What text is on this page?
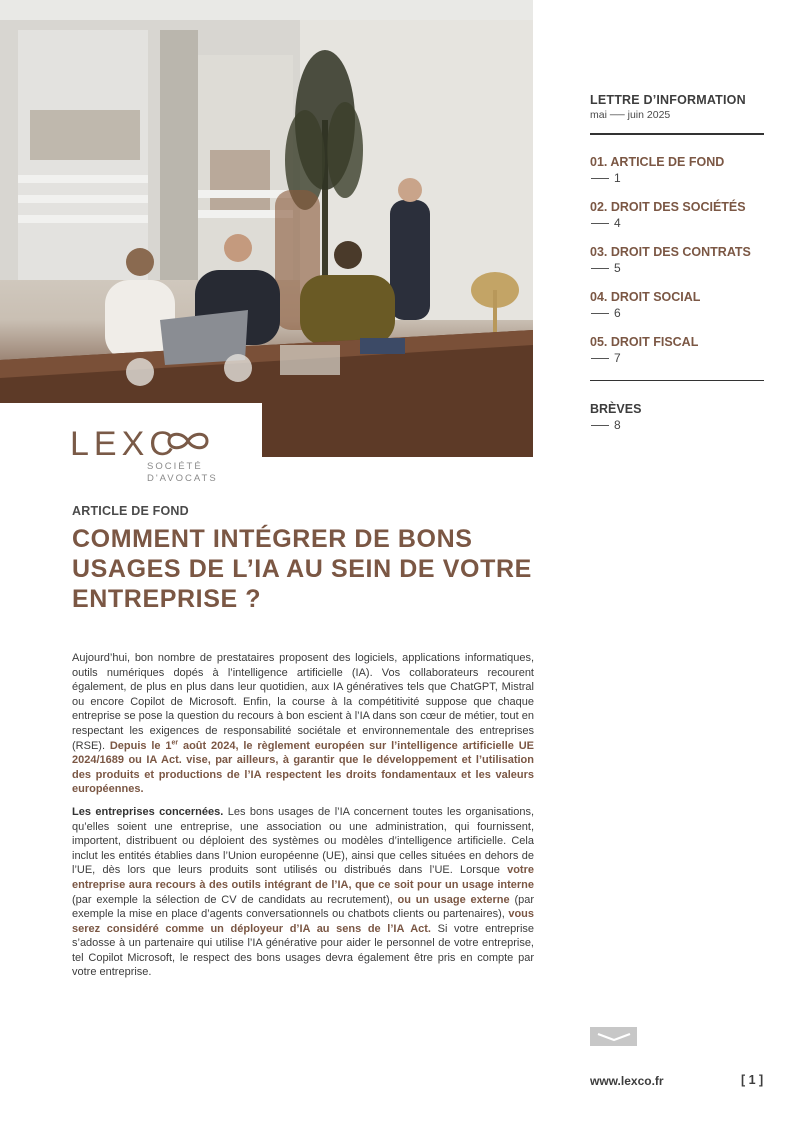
LEXC
SOCIÉTÉ
D'AVOCATS
LETTRE D’INFORMATION
mai ── juin 2025
01. ARTICLE DE FOND
1
02. DROIT DES SOCIÉTÉS
4
03. DROIT DES CONTRATS
5
04. DROIT SOCIAL
6
05. DROIT FISCAL
7
BRÈVES
8
ARTICLE DE FOND
COMMENT INTÉGRER DE BONS USAGES DE L’IA AU SEIN DE VOTRE ENTREPRISE ?

Aujourd’hui, bon nombre de prestataires proposent des logiciels, applications informatiques, outils numériques dopés à l’intelligence artificielle (IA). Vos collaborateurs recourent également, de plus en plus dans leur quotidien, aux IA génératives tels que ChatGPT, Mistral ou encore Copilot de Microsoft. Enfin, la course à la compétitivité suppose que chaque entreprise se pose la question du recours à bon escient à l’IA dans son cœur de métier, tout en respectant les exigences de responsabilité sociétale et environnementale des entreprises (RSE). Depuis le 1er août 2024, le règlement européen sur l’intelligence artificielle UE 2024/1689 ou IA Act. vise, par ailleurs, à garantir que le développement et l’utilisation des produits et productions de l’IA respectent les droits fondamentaux et les valeurs européennes.

Les entreprises concernées. Les bons usages de l’IA concernent toutes les organisations, qu’elles soient une entreprise, une association ou une administration, qui fournissent, importent, distribuent ou déploient des systèmes ou modèles d’intelligence artificielle. Cela inclut les entités établies dans l’Union européenne (UE), ainsi que celles situées en dehors de l’UE, dès lors que leurs produits sont utilisés ou distribués dans l’UE. Lorsque votre entreprise aura recours à des outils intégrant de l’IA, que ce soit pour un usage interne (par exemple la sélection de CV de candidats au recrutement), ou un usage externe (par exemple la mise en place d’agents conversationnels ou chatbots clients ou partenaires), vous serez considéré comme un déployeur d’IA au sens de l’IA Act. Si votre entreprise s’adosse à un partenaire qui utilise l’IA générative pour aider le personnel de votre entreprise, tel Copilot Microsoft, le respect des bons usages devra également être pris en compte par votre entreprise.

www.lexco.fr	[ 1 ]
